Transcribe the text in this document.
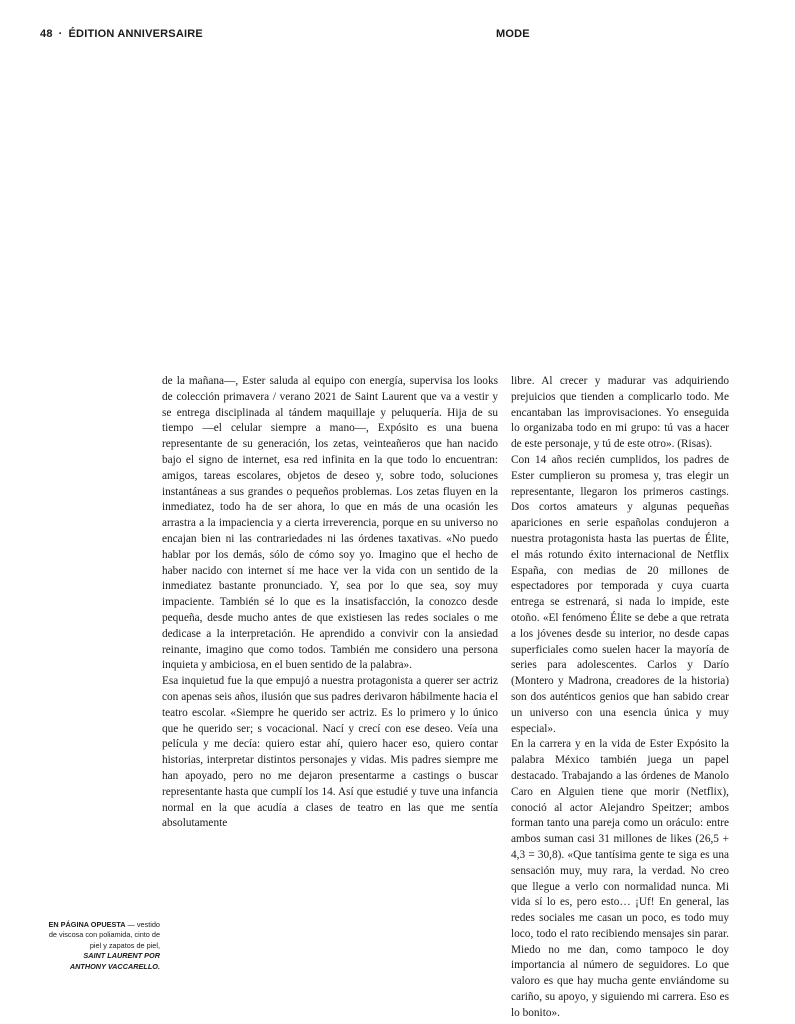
48 · ÉDITION ANNIVERSAIRE	MODE

de la mañana—, Ester saluda al equipo con energía, supervisa los looks de colección primavera / verano 2021 de Saint Laurent que va a vestir y se entrega disciplinada al tándem maquillaje y peluquería. Hija de su tiempo —el celular siempre a mano—, Expósito es una buena representante de su generación, los zetas, veinteañeros que han nacido bajo el signo de internet, esa red infinita en la que todo lo encuentran: amigos, tareas escolares, objetos de deseo y, sobre todo, soluciones instantáneas a sus grandes o pequeños problemas. Los zetas fluyen en la inmediatez, todo ha de ser ahora, lo que en más de una ocasión les arrastra a la impaciencia y a cierta irreverencia, porque en su universo no encajan bien ni las contrariedades ni las órdenes taxativas. «No puedo hablar por los demás, sólo de cómo soy yo. Imagino que el hecho de haber nacido con internet sí me hace ver la vida con un sentido de la inmediatez bastante pronunciado. Y, sea por lo que sea, soy muy impaciente. También sé lo que es la insatisfacción, la conozco desde pequeña, desde mucho antes de que existiesen las redes sociales o me dedicase a la interpretación. He aprendido a convivir con la ansiedad reinante, imagino que como todos. También me considero una persona inquieta y ambiciosa, en el buen sentido de la palabra».

Esa inquietud fue la que empujó a nuestra protagonista a querer ser actriz con apenas seis años, ilusión que sus padres derivaron hábilmente hacia el teatro escolar. «Siempre he querido ser actriz. Es lo primero y lo único que he querido ser; s vocacional. Nací y crecí con ese deseo. Veía una película y me decía: quiero estar ahí, quiero hacer eso, quiero contar historias, interpretar distintos personajes y vidas. Mis padres siempre me han apoyado, pero no me dejaron presentarme a castings o buscar representante hasta que cumplí los 14. Así que estudié y tuve una infancia normal en la que acudía a clases de teatro en las que me sentía absolutamente

libre. Al crecer y madurar vas adquiriendo prejuicios que tienden a complicarlo todo. Me encantaban las improvisaciones. Yo enseguida lo organizaba todo en mi grupo: tú vas a hacer de este personaje, y tú de este otro». (Risas).

Con 14 años recién cumplidos, los padres de Ester cumplieron su promesa y, tras elegir un representante, llegaron los primeros castings. Dos cortos amateurs y algunas pequeñas apariciones en serie españolas condujeron a nuestra protagonista hasta las puertas de Élite, el más rotundo éxito internacional de Netflix España, con medias de 20 millones de espectadores por temporada y cuya cuarta entrega se estrenará, si nada lo impide, este otoño. «El fenómeno Élite se debe a que retrata a los jóvenes desde su interior, no desde capas superficiales como suelen hacer la mayoría de series para adolescentes. Carlos y Darío (Montero y Madrona, creadores de la historia) son dos auténticos genios que han sabido crear un universo con una esencia única y muy especial».

En la carrera y en la vida de Ester Expósito la palabra México también juega un papel destacado. Trabajando a las órdenes de Manolo Caro en Alguien tiene que morir (Netflix), conoció al actor Alejandro Speitzer; ambos forman tanto una pareja como un oráculo: entre ambos suman casi 31 millones de likes (26,5 + 4,3 = 30,8). «Que tantísima gente te siga es una sensación muy, muy rara, la verdad. No creo que llegue a verlo con normalidad nunca. Mi vida sí lo es, pero esto… ¡Uf! En general, las redes sociales me casan un poco, es todo muy loco, todo el rato recibiendo mensajes sin parar. Miedo no me dan, como tampoco le doy importancia al número de seguidores. Lo que valoro es que hay mucha gente enviándome su cariño, su apoyo, y siguiendo mi carrera. Eso es lo bonito».

EN PÁGINA OPUESTA — vestido de viscosa con poliamida, cinto de piel y zapatos de piel,
SAINT LAURENT POR
ANTHONY VACCARELLO.
